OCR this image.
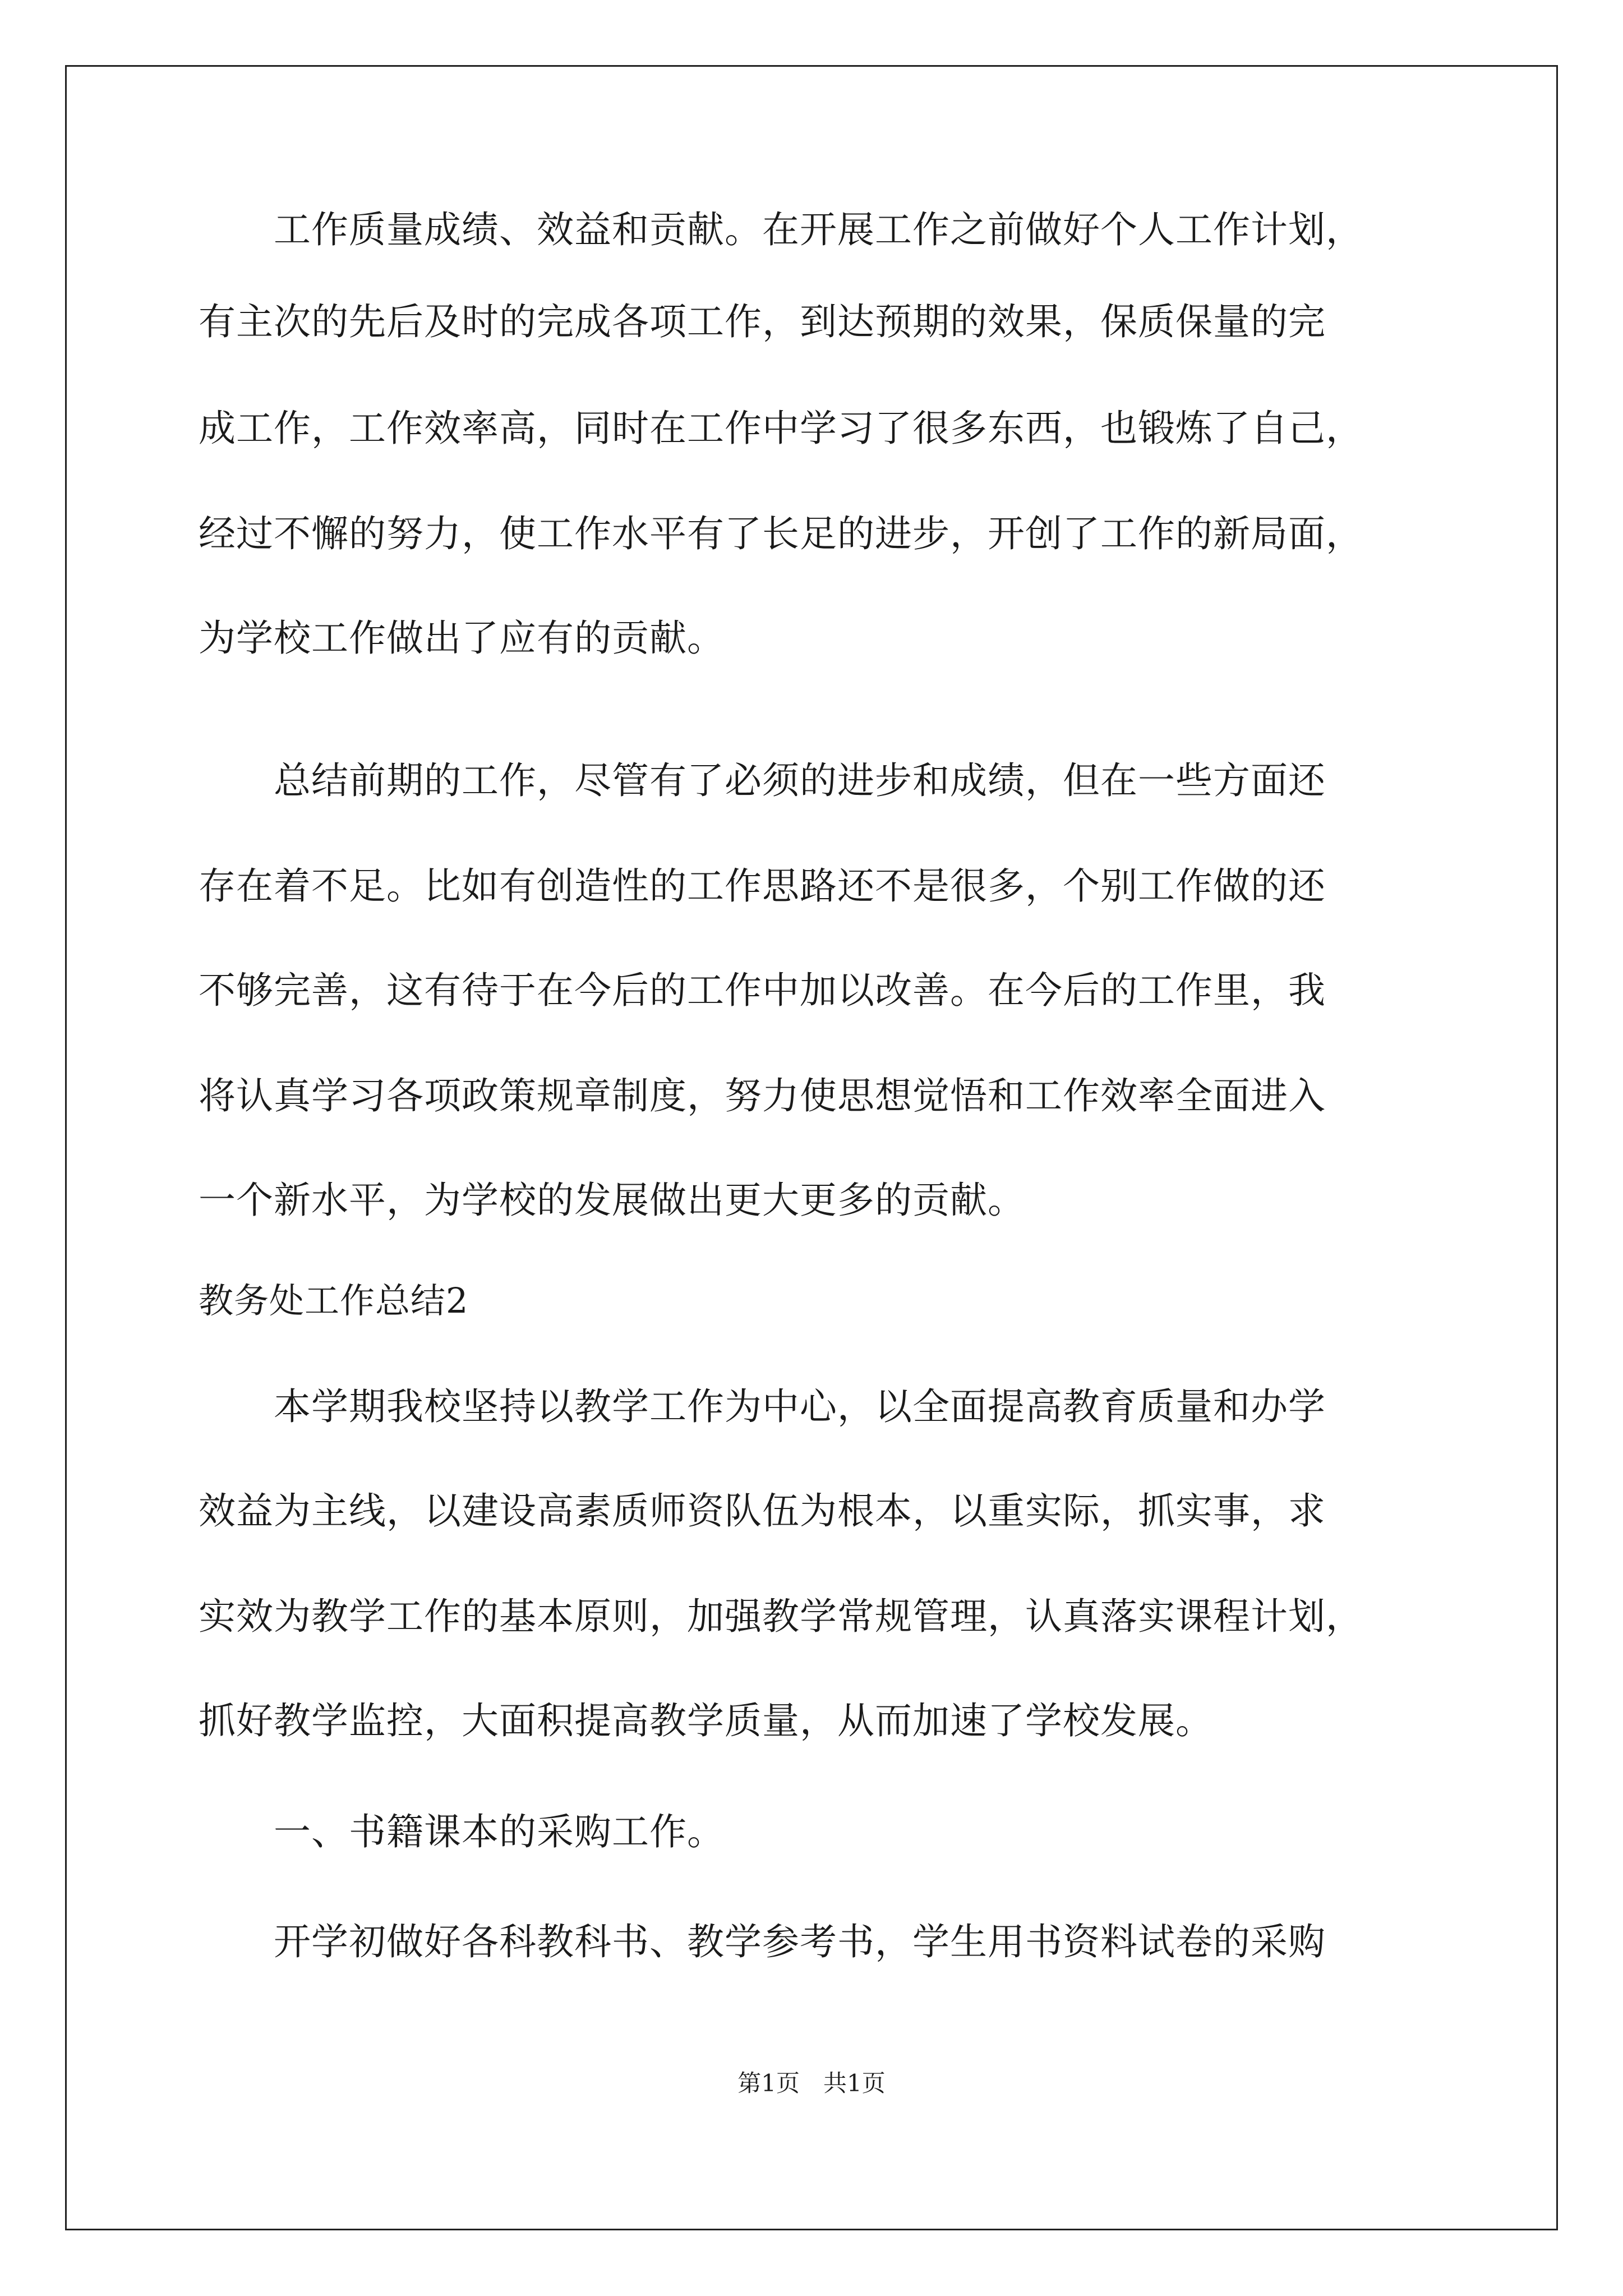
　　工作质量成绩、效益和贡献。在开展工作之前做好个人工作计划，
有主次的先后及时的完成各项工作，到达预期的效果，保质保量的完
成工作，工作效率高，同时在工作中学习了很多东西，也锻炼了自己，
经过不懈的努力，使工作水平有了长足的进步，开创了工作的新局面，
为学校工作做出了应有的贡献。
　　总结前期的工作，尽管有了必须的进步和成绩，但在一些方面还
存在着不足。比如有创造性的工作思路还不是很多，个别工作做的还
不够完善，这有待于在今后的工作中加以改善。在今后的工作里，我
将认真学习各项政策规章制度，努力使思想觉悟和工作效率全面进入
一个新水平，为学校的发展做出更大更多的贡献。
教务处工作总结2
　　本学期我校坚持以教学工作为中心，以全面提高教育质量和办学
效益为主线，以建设高素质师资队伍为根本，以重实际，抓实事，求
实效为教学工作的基本原则，加强教学常规管理，认真落实课程计划，
抓好教学监控，大面积提高教学质量，从而加速了学校发展。
　　一、书籍课本的采购工作。
　　开学初做好各科教科书、教学参考书，学生用书资料试卷的采购
第1页　共1页
